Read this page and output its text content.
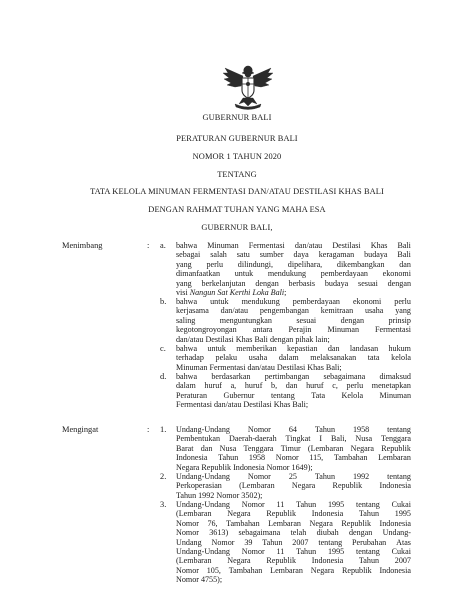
GUBERNUR BALI
PERATURAN GUBERNUR BALI
NOMOR 1 TAHUN 2020
TENTANG
TATA KELOLA MINUMAN FERMENTASI DAN/ATAU DESTILASI KHAS BALI
DENGAN RAHMAT TUHAN YANG MAHA ESA
GUBERNUR BALI,
Menimbang	: a. bahwa Minuman Fermentasi dan/atau Destilasi Khas Bali
sebagai salah satu sumber daya keragaman budaya Bali
yang perlu dilindungi, dipelihara, dikembangkan dan
dimanfaatkan untuk mendukung pemberdayaan ekonomi
yang berkelanjutan dengan berbasis budaya sesuai dengan
visi Nangun Sat Kerthi Loka Bali;
b. bahwa untuk mendukung pemberdayaan ekonomi perlu
kerjasama dan/atau pengembangan kemitraan usaha yang
saling	menguntungkan	sesuai	dengan	prinsip
kegotongroyongan antara Perajin Minuman Fermentasi
dan/atau Destilasi Khas Bali dengan pihak lain;
c. bahwa untuk memberikan kepastian dan landasan hukum
terhadap pelaku usaha dalam melaksanakan tata kelola
Minuman Fermentasi dan/atau Destilasi Khas Bali;
d. bahwa berdasarkan pertimbangan sebagaimana dimaksud
dalam huruf a, huruf b, dan huruf c, perlu menetapkan
Peraturan Gubernur tentang Tata Kelola Minuman
Fermentasi dan/atau Destilasi Khas Bali;
Mengingat	: 1. Undang-Undang Nomor 64 Tahun 1958 tentang
Pembentukan Daerah-daerah Tingkat I Bali, Nusa Tenggara
Barat dan Nusa Tenggara Timur (Lembaran Negara Republik
Indonesia Tahun 1958 Nomor 115, Tambahan Lembaran
Negara Republik Indonesia Nomor 1649);
2. Undang-Undang Nomor 25 Tahun 1992 tentang
Perkoperasian (Lembaran Negara Republik Indonesia
Tahun 1992 Nomor 3502);
3. Undang-Undang Nomor 11 Tahun 1995 tentang Cukai
(Lembaran Negara Republik Indonesia Tahun 1995
Nomor 76, Tambahan Lembaran Negara Republik Indonesia
Nomor 3613) sebagaimana telah diubah dengan Undang-
Undang Nomor 39 Tahun 2007 tentang Perubahan Atas
Undang-Undang Nomor 11 Tahun 1995 tentang Cukai
(Lembaran Negara Republik Indonesia Tahun 2007
Nomor 105, Tambahan Lembaran Negara Republik Indonesia
Nomor 4755);
